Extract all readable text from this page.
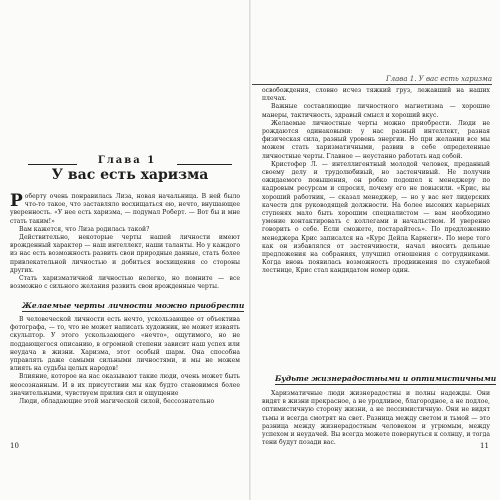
Глава 1. У вас есть харизма
Глава 1
У вас есть харизма

Роберту очень понравилась Лиза, новая начальница. В ней было что-то такое, что заставляло восхищаться ею, нечто, внушающее уверенность. «У нее есть харизма, — подумал Роберт. — Вот бы и мне стать таким!»

Вам кажется, что Лиза родилась такой?

Действительно, некоторые черты нашей личности имеют врожденный характер — наш интеллект, наши таланты. Но у каждого из нас есть возможность развить свои природные данные, стать более привлекательной личностью и добиться восхищения со стороны других.

Стать харизматичной личностью нелегко, но помните — все возможно с сильного желания развить свои врожденные черты.

Желаемые черты личности можно приобрести

В человеческой личности есть нечто, ускользающее от объектива фотографа, — то, что не может написать художник, не может изваять скульптор. У этого ускользающего «нечто», ощутимого, но не поддающегося описанию, в огромной степени зависит наш успех или неудача в жизни. Харизма, этот особый шарм. Она способна управлять даже самыми сильными личностями, и мы не можем влиять на судьбы целых народов!

Влияние, которое на нас оказывают такие люди, очень может быть неосознанным. И в их присутствии мы как будто становимся более значительными, чувствуем прилив сил и ощущение

Люди, обладающие этой магической силой, бессознательно

10

освобождения, словно исчез тяжкий груз, лежавший на наших плечах.

Важные составляющие личностного магнетизма — хорошие манеры, тактичность, здравый смысл и хороший вкус.

Желаемые личностные черты можно приобрести. Люди не рождаются одинаковыми: у нас разный интеллект, разная физическая сила, разный уровень энергии. Но при желании все мы можем стать харизматичными, развив в себе определенные личностные черты. Главное — неустанно работать над собой.

Кристофер Л. — интеллигентный молодой человек, преданный своему делу и трудолюбивый, но застенчивый. Не получив ожидаемого повышения, он робко подошел к менеджеру по кадровым ресурсам и спросил, почему его не повысили. «Крис, вы хороший работник, — сказал менеджер, — но у вас нет лидерских качеств для руководящей должности. На более высоких карьерных ступенях мало быть хорошим специалистом — вам необходимо умение контактировать с коллегами и начальством. И уверенно говорить о себе. Если сможете, постарайтесь». По предложению менеджера Крис записался на «Курс Дейла Карнеги». По мере того как он избавлялся от застенчивости, начал вносить дельные предложения на собраниях, улучшил отношения с сотрудниками. Когда вновь появилась возможность продвижения по служебной лестнице, Крис стал кандидатом номер один.

Будьте жизнерадостными и оптимистичными

Харизматичные люди жизнерадостны и полны надежды. Они видят в жизни прекрасное, а не уродливое, благородное, а не подлое, оптимистичную сторону жизни, а не пессимистичную. Они не видят тьмы и всегда смотрят на свет. Разница между светом и тьмой — это разница между жизнерадостным человеком и угрюмым, между успехом и неудачей. Вы всегда можете повернуться к солнцу, и тогда тени будут позади вас.	11
